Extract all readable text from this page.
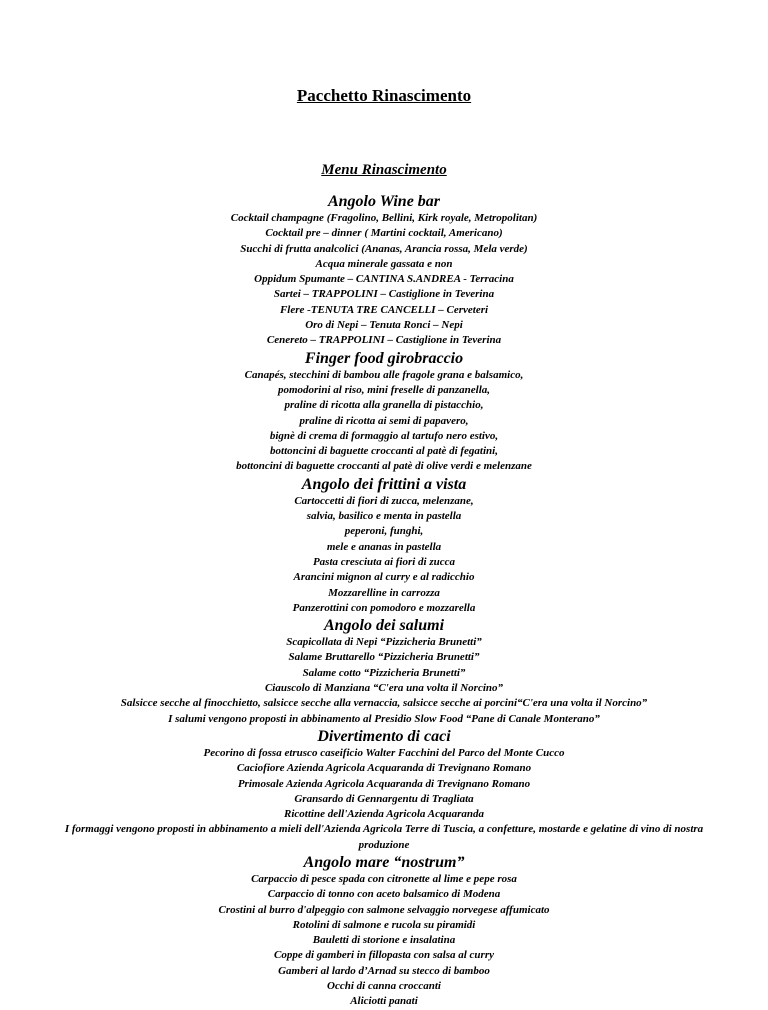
Pacchetto Rinascimento
Menu Rinascimento
Angolo Wine bar

Cocktail champagne (Fragolino, Bellini, Kirk royale, Metropolitan)

Cocktail pre – dinner ( Martini cocktail, Americano)

Succhi di frutta analcolici (Ananas, Arancia rossa, Mela verde)

Acqua minerale gassata e non

Oppidum Spumante – CANTINA S.ANDREA - Terracina

Sartei – TRAPPOLINI – Castiglione in Teverina

Flere -TENUTA TRE CANCELLI – Cerveteri

Oro di Nepi – Tenuta Ronci – Nepi

Cenereto – TRAPPOLINI – Castiglione in Teverina

Finger food girobraccio

Canapés, stecchini di bambou alle fragole grana e balsamico,

pomodorini al riso, mini freselle di panzanella,

praline di ricotta alla granella di pistacchio,

praline di ricotta ai semi di papavero,

bignè di crema di formaggio al tartufo nero estivo,

bottoncini di baguette croccanti al patè di fegatini,

bottoncini di baguette croccanti al patè di olive verdi e melenzane

Angolo dei frittini a vista

Cartoccetti di fiori di zucca, melenzane,

salvia, basilico e menta in pastella

peperoni, funghi,

mele e ananas in pastella

Pasta cresciuta ai fiori di zucca

Arancini mignon al curry e al radicchio

Mozzarelline in carrozza

Panzerottini con pomodoro e mozzarella

Angolo dei salumi

Scapicollata di Nepi “Pizzicheria Brunetti”

Salame Bruttarello “Pizzicheria Brunetti”

Salame cotto “Pizzicheria Brunetti”

Ciauscolo di Manziana “C'era una volta il Norcino”

Salsicce secche al finocchietto, salsicce secche alla vernaccia, salsicce secche ai porcini“C'era una volta il Norcino”

I salumi vengono proposti in abbinamento al Presidio Slow Food “Pane di Canale Monterano”

Divertimento di caci

Pecorino di fossa etrusco caseificio Walter Facchini del Parco del Monte Cucco

Caciofiore Azienda Agricola Acquaranda di Trevignano Romano

Primosale Azienda Agricola Acquaranda di Trevignano Romano

Gransardo di Gennargentu di Tragliata

Ricottine dell'Azienda Agricola Acquaranda

I formaggi vengono proposti in abbinamento a mieli dell'Azienda Agricola Terre di Tuscia, a confetture, mostarde e gelatine di vino di nostra produzione

Angolo mare “nostrum”

Carpaccio di pesce spada con citronette al lime e pepe rosa

Carpaccio di tonno con aceto balsamico di Modena

Crostini al burro d'alpeggio con salmone selvaggio norvegese affumicato

Rotolini di salmone e rucola su piramidi

Bauletti di storione e insalatina

Coppe di gamberi in fillopasta con salsa al curry

Gamberi al lardo d’Arnad su stecco di bamboo

Occhi di canna croccanti

Aliciotti panati
